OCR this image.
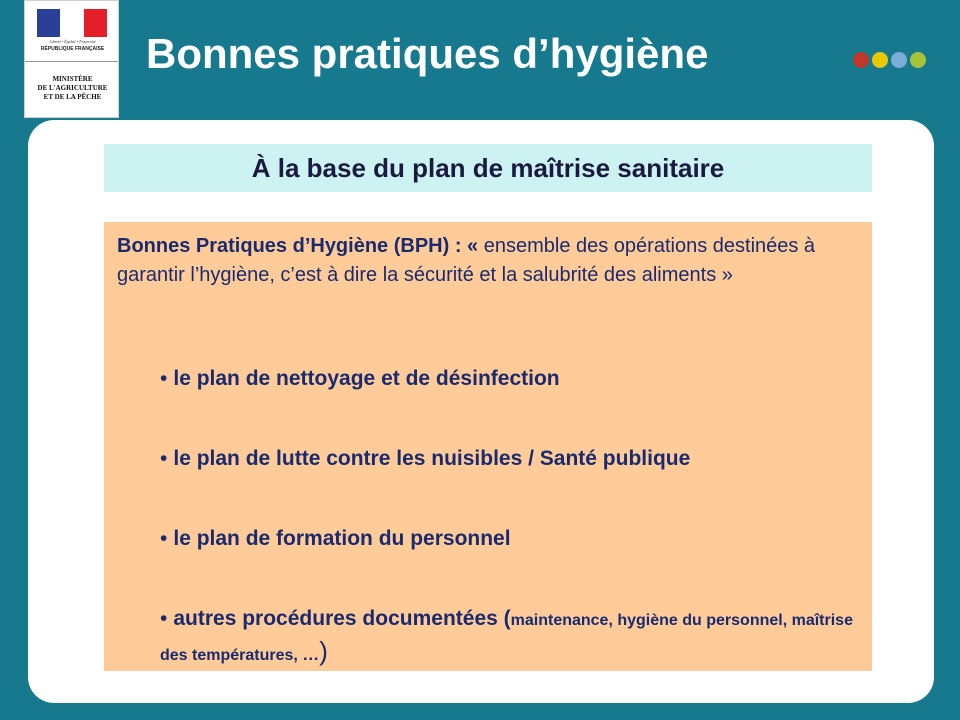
Liberté • Égalité • Fraternité
RÉPUBLIQUE FRANÇAISE
MINISTÈRE
DE L'AGRICULTURE
ET DE LA PÊCHE
Bonnes pratiques d’hygiène
À la base du plan de maîtrise sanitaire
Bonnes Pratiques d’Hygiène (BPH) : « ensemble des opérations destinées à garantir l’hygiène, c’est à dire la sécurité et la salubrité des aliments »
• le plan de nettoyage et de désinfection
• le plan de lutte contre les nuisibles / Santé publique
• le plan de formation du personnel
• autres procédures documentées (maintenance, hygiène du personnel, maîtrise des températures, …)
